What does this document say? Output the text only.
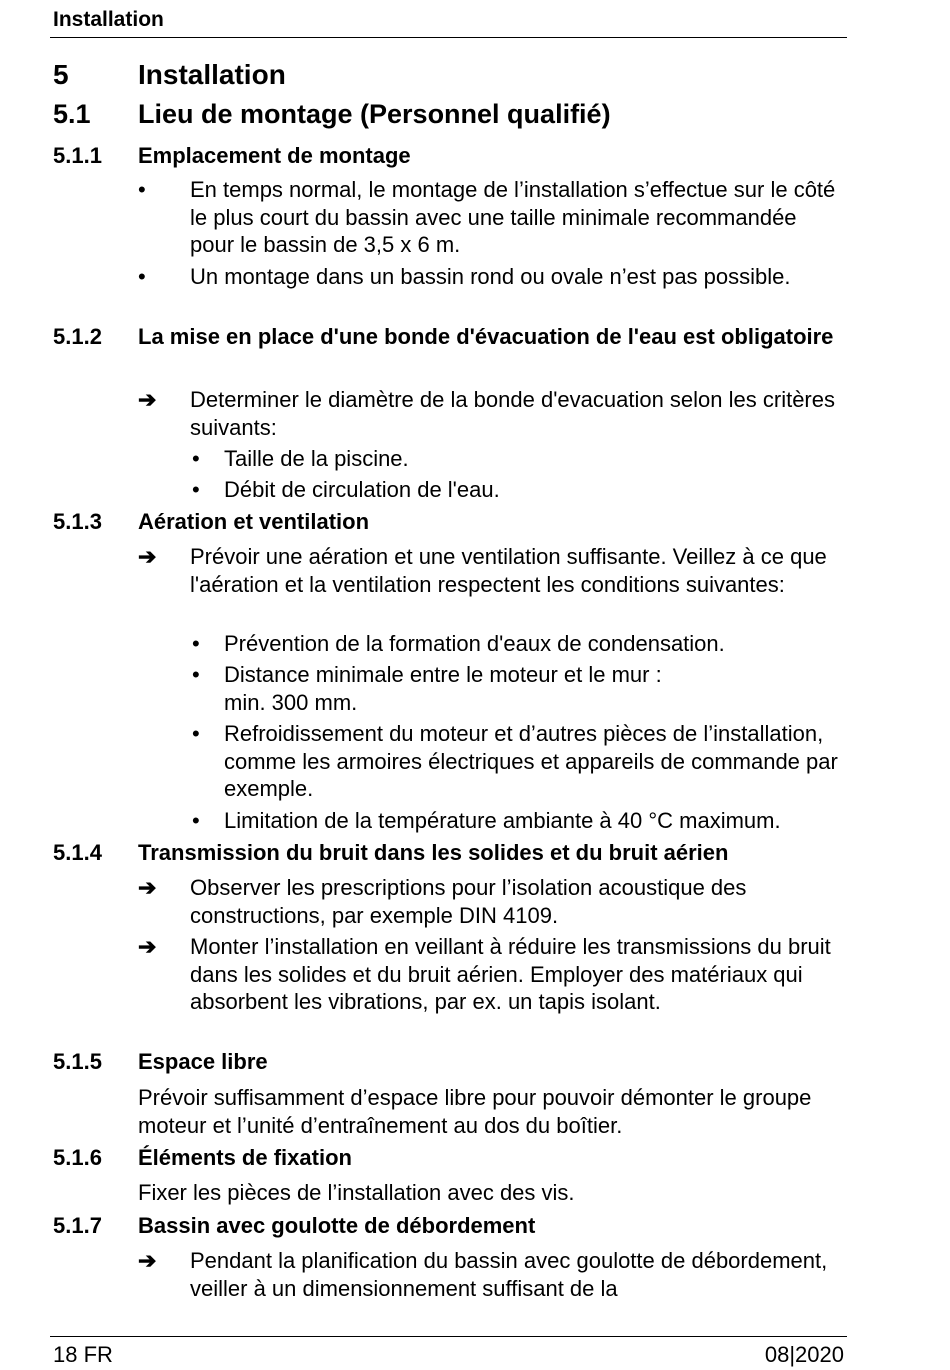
Installation
5 Installation
5.1 Lieu de montage (Personnel qualifié)
5.1.1 Emplacement de montage
• En temps normal, le montage de l’installation s’effectue sur le côté le plus court du bassin avec une taille minimale recommandée pour le bassin de 3,5 x 6 m.
• Un montage dans un bassin rond ou ovale n’est pas possible.
5.1.2 La mise en place d'une bonde d'évacuation de l'eau est obligatoire
➔ Determiner le diamètre de la bonde d'evacuation selon les critères suivants:
• Taille de la piscine.
• Débit de circulation de l'eau.
5.1.3 Aération et ventilation
➔ Prévoir une aération et une ventilation suffisante. Veillez à ce que l'aération et la ventilation respectent les conditions suivantes:
• Prévention de la formation d'eaux de condensation.
• Distance minimale entre le moteur et le mur :
min. 300 mm.
• Refroidissement du moteur et d’autres pièces de l’installation, comme les armoires électriques et appareils de commande par exemple.
• Limitation de la température ambiante à 40 °C maximum.
5.1.4 Transmission du bruit dans les solides et du bruit aérien
➔ Observer les prescriptions pour l’isolation acoustique des constructions, par exemple DIN 4109.
➔ Monter l’installation en veillant à réduire les transmissions du bruit dans les solides et du bruit aérien. Employer des matériaux qui absorbent les vibrations, par ex. un tapis isolant.
5.1.5 Espace libre
Prévoir suffisamment d’espace libre pour pouvoir démonter le groupe moteur et l’unité d’entraînement au dos du boîtier.
5.1.6 Éléments de fixation
Fixer les pièces de l’installation avec des vis.
5.1.7 Bassin avec goulotte de débordement
➔ Pendant la planification du bassin avec goulotte de débordement, veiller à un dimensionnement suffisant de la
18 FR	08|2020
